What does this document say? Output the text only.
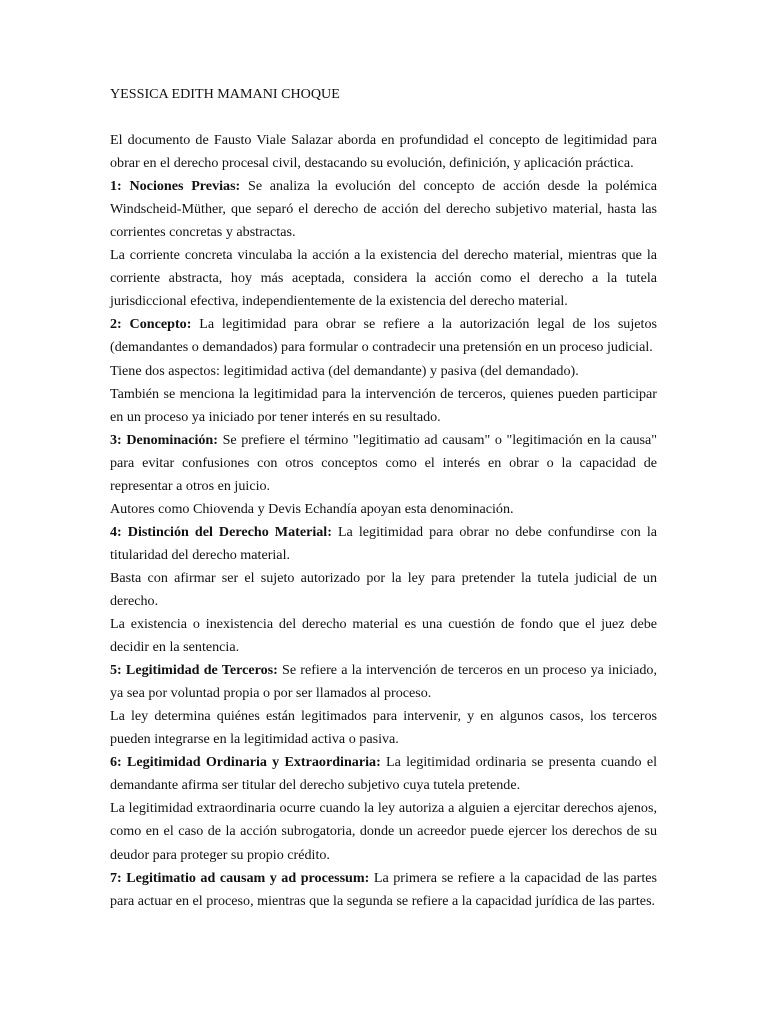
YESSICA EDITH MAMANI CHOQUE

El documento de Fausto Viale Salazar aborda en profundidad el concepto de legitimidad para obrar en el derecho procesal civil, destacando su evolución, definición, y aplicación práctica.

1: Nociones Previas: Se analiza la evolución del concepto de acción desde la polémica Windscheid-Müther, que separó el derecho de acción del derecho subjetivo material, hasta las corrientes concretas y abstractas.

La corriente concreta vinculaba la acción a la existencia del derecho material, mientras que la corriente abstracta, hoy más aceptada, considera la acción como el derecho a la tutela jurisdiccional efectiva, independientemente de la existencia del derecho material.

2: Concepto: La legitimidad para obrar se refiere a la autorización legal de los sujetos (demandantes o demandados) para formular o contradecir una pretensión en un proceso judicial.

Tiene dos aspectos: legitimidad activa (del demandante) y pasiva (del demandado).

También se menciona la legitimidad para la intervención de terceros, quienes pueden participar en un proceso ya iniciado por tener interés en su resultado.

3: Denominación: Se prefiere el término "legitimatio ad causam" o "legitimación en la causa" para evitar confusiones con otros conceptos como el interés en obrar o la capacidad de representar a otros en juicio.

Autores como Chiovenda y Devis Echandía apoyan esta denominación.

4: Distinción del Derecho Material: La legitimidad para obrar no debe confundirse con la titularidad del derecho material.

Basta con afirmar ser el sujeto autorizado por la ley para pretender la tutela judicial de un derecho.

La existencia o inexistencia del derecho material es una cuestión de fondo que el juez debe decidir en la sentencia.

5: Legitimidad de Terceros: Se refiere a la intervención de terceros en un proceso ya iniciado, ya sea por voluntad propia o por ser llamados al proceso.

La ley determina quiénes están legitimados para intervenir, y en algunos casos, los terceros pueden integrarse en la legitimidad activa o pasiva.

6: Legitimidad Ordinaria y Extraordinaria: La legitimidad ordinaria se presenta cuando el demandante afirma ser titular del derecho subjetivo cuya tutela pretende.

La legitimidad extraordinaria ocurre cuando la ley autoriza a alguien a ejercitar derechos ajenos, como en el caso de la acción subrogatoria, donde un acreedor puede ejercer los derechos de su deudor para proteger su propio crédito.

7: Legitimatio ad causam y ad processum: La primera se refiere a la capacidad de las partes para actuar en el proceso, mientras que la segunda se refiere a la capacidad jurídica de las partes.
